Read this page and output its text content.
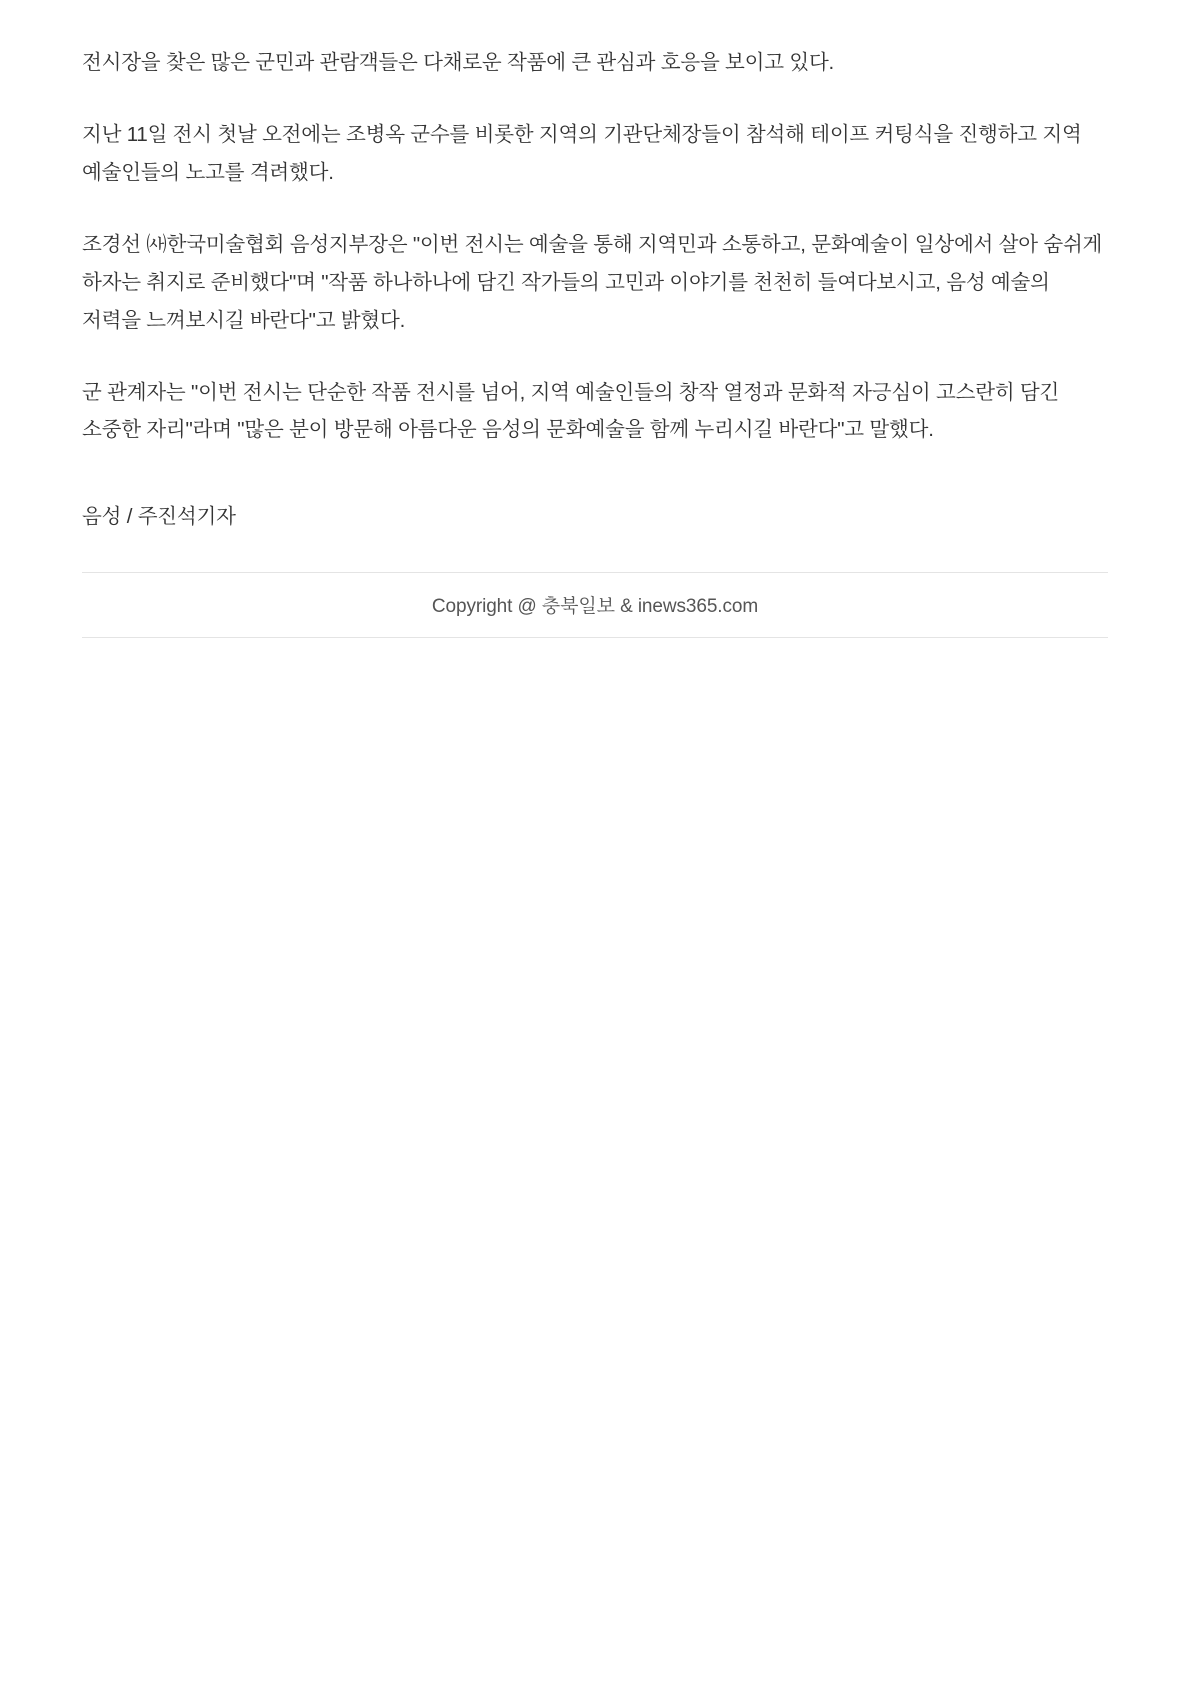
전시장을 찾은 많은 군민과 관람객들은 다채로운 작품에 큰 관심과 호응을 보이고 있다.

지난 11일 전시 첫날 오전에는 조병옥 군수를 비롯한 지역의 기관단체장들이 참석해 테이프 커팅식을 진행하고 지역 예술인들의 노고를 격려했다.

조경선 ㈔한국미술협회 음성지부장은 "이번 전시는 예술을 통해 지역민과 소통하고, 문화예술이 일상에서 살아 숨쉬게 하자는 취지로 준비했다"며 "작품 하나하나에 담긴 작가들의 고민과 이야기를 천천히 들여다보시고, 음성 예술의 저력을 느껴보시길 바란다"고 밝혔다.

군 관계자는 "이번 전시는 단순한 작품 전시를 넘어, 지역 예술인들의 창작 열정과 문화적 자긍심이 고스란히 담긴 소중한 자리"라며 "많은 분이 방문해 아름다운 음성의 문화예술을 함께 누리시길 바란다"고 말했다.

음성 / 주진석기자

Copyright @ 충북일보 & inews365.com
